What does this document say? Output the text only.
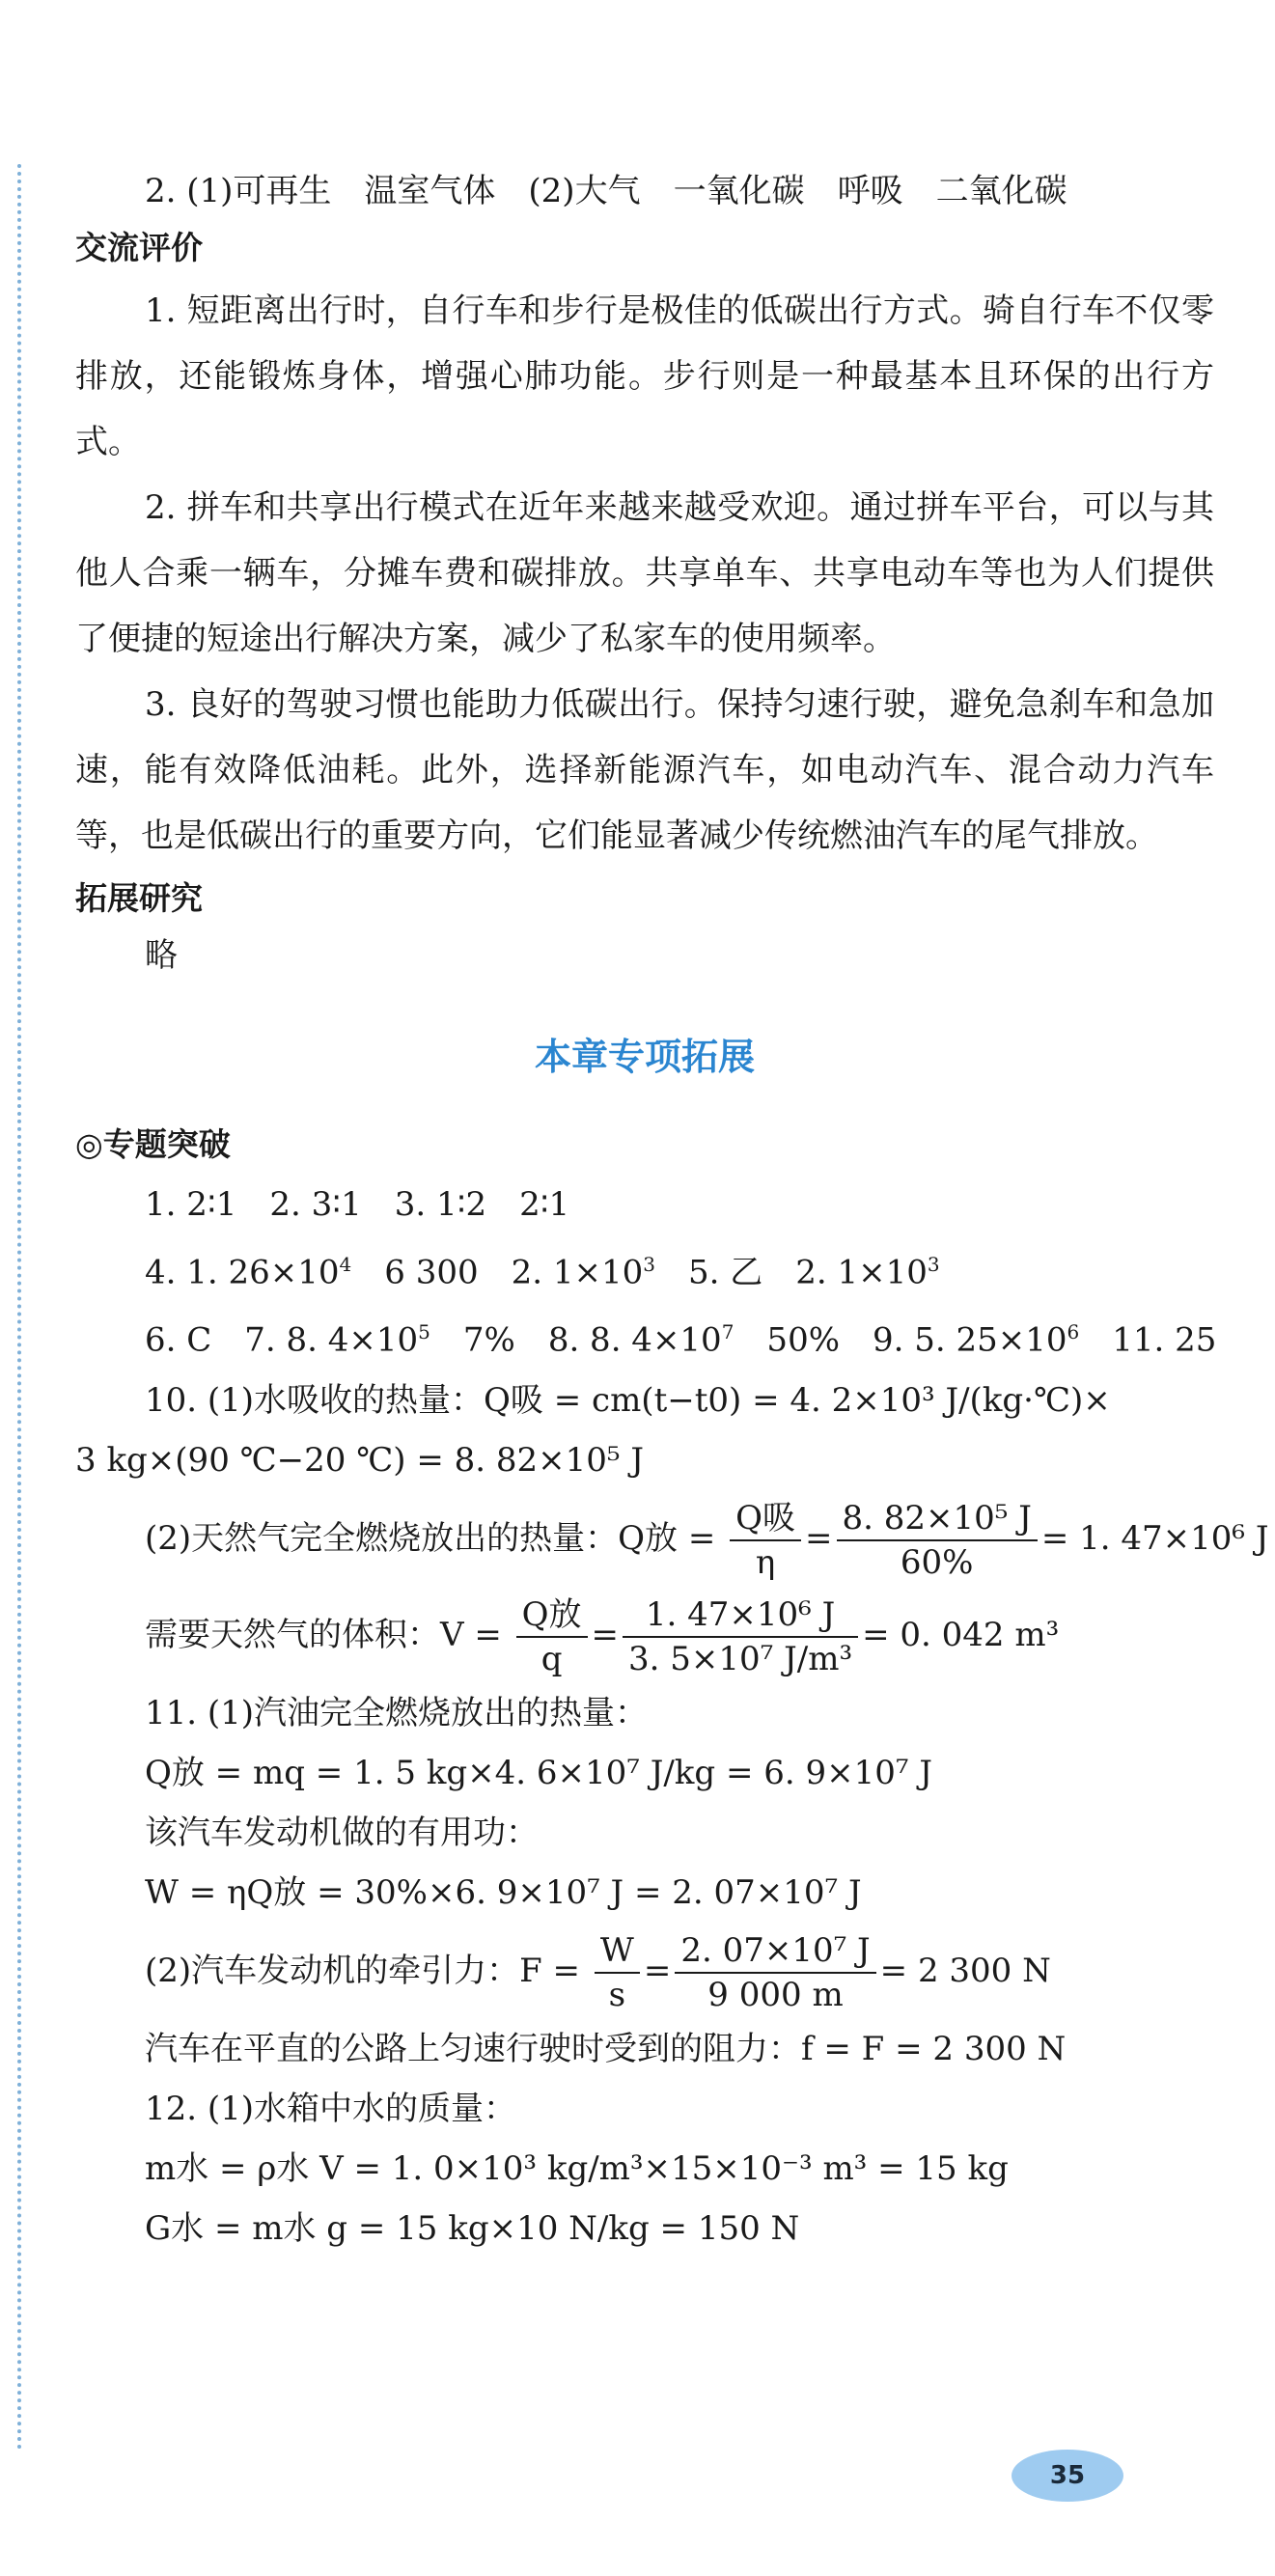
2. (1)可再生　温室气体　(2)大气　一氧化碳　呼吸　二氧化碳
交流评价

1. 短距离出行时，自行车和步行是极佳的低碳出行方式。骑自行车不仅零排放，还能锻炼身体，增强心肺功能。步行则是一种最基本且环保的出行方式。

2. 拼车和共享出行模式在近年来越来越受欢迎。通过拼车平台，可以与其他人合乘一辆车，分摊车费和碳排放。共享单车、共享电动车等也为人们提供了便捷的短途出行解决方案，减少了私家车的使用频率。

3. 良好的驾驶习惯也能助力低碳出行。保持匀速行驶，避免急刹车和急加速，能有效降低油耗。此外，选择新能源汽车，如电动汽车、混合动力汽车等，也是低碳出行的重要方向，它们能显著减少传统燃油汽车的尾气排放。

拓展研究
略
本章专项拓展
◎专题突破
1. 2∶1　2. 3∶1　3. 1∶2　2∶1
4. 1. $26\times 10^4$　6 300　2. $1\times 10^3$　5. 乙　2. $1\times 10^3$
6. C　7. 8. $4\times 10^5$　7%　8. 8. $4\times 10^7$　50%　9. 5. $25\times 10^6$　11. 25
10. (1)水吸收的热量：Q吸 = cm(t−t0) = 4. 2×10³ J/(kg·℃)×
3 kg×(90 ℃−20 ℃) = 8. 82×10⁵ J
(2)天然气完全燃烧放出的热量：Q放 = $\frac{\text{Q吸}}{\eta} = \frac{\text{8. 82×10⁵ J}}{60\%} = 1$. 47×10⁶ J
需要天然气的体积：$V = \frac{\text{Q放}}{q} = \frac{\text{1. 47×10⁶ J}}{\text{3. 5×10⁷ J/m³}} = 0$. 042 m³
11. (1)汽油完全燃烧放出的热量：
Q放 = mq = 1. 5 kg×4. 6×10⁷ J/kg = 6. 9×10⁷ J
该汽车发动机做的有用功：
W = ηQ放 = 30%×6. 9×10⁷ J = 2. 07×10⁷ J
(2)汽车发动机的牵引力：$F = \frac{W}{s} = \frac{\text{2. 07×10⁷ J}}{9 000 m} = 2$ 300 N
汽车在平直的公路上匀速行驶时受到的阻力：f = F = 2 300 N
12. (1)水箱中水的质量：
m水 = ρ水 V = 1. 0×10³ kg/m³×15×10⁻³ m³ = 15 kg
G水 = m水 g = 15 kg×10 N/kg = 150 N
35
